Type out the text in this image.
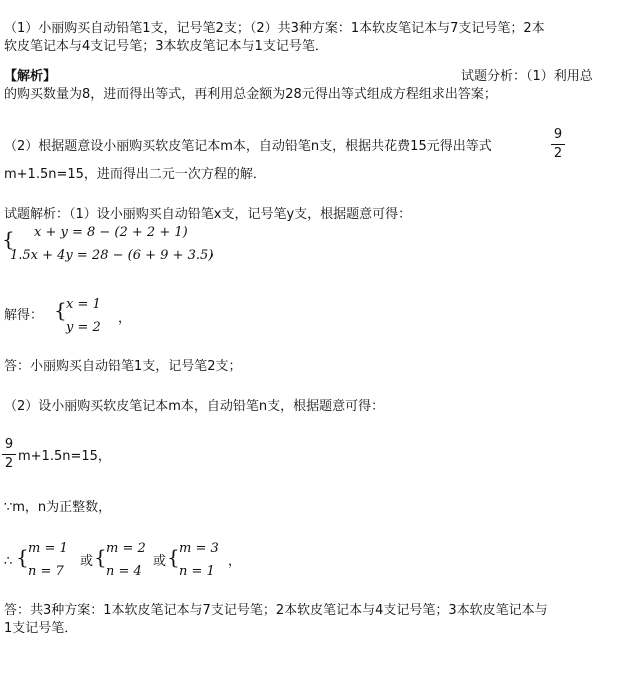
（1）小丽购买自动铅笔1支，记号笔2支；（2）共3种方案：1本软皮笔记本与7支记号笔；2本
软皮笔记本与4支记号笔；3本软皮笔记本与1支记号笔．
【解析】	试题分析：（1）利用总
的购买数量为8，进而得出等式，再利用总金额为28元得出等式组成方程组求出答案；
（2）根据题意设小丽购买软皮笔记本m本，自动铅笔n支，根据共花费15元得出等式
9
2
m+1.5n=15，进而得出二元一次方程的解．
试题解析：（1）设小丽购买自动铅笔x支，记号笔y支，根据题意可得：
{ x + y = 8 − (2 + 2 + 1)
1.5x + 4y = 28 − (6 + 9 + 3.5)
，
解得： { x = 1
y = 2
，
答：小丽购买自动铅笔1支，记号笔2支；
（2）设小丽购买软皮笔记本m本，自动铅笔n支，根据题意可得：
9
2 m+1.5n=15，
∵m，n为正整数，
∴ { m = 1
n = 7
或 { m = 2
n = 4
或 { m = 3
n = 1
，
答：共3种方案：1本软皮笔记本与7支记号笔；2本软皮笔记本与4支记号笔；3本软皮笔记本与
1支记号笔．
